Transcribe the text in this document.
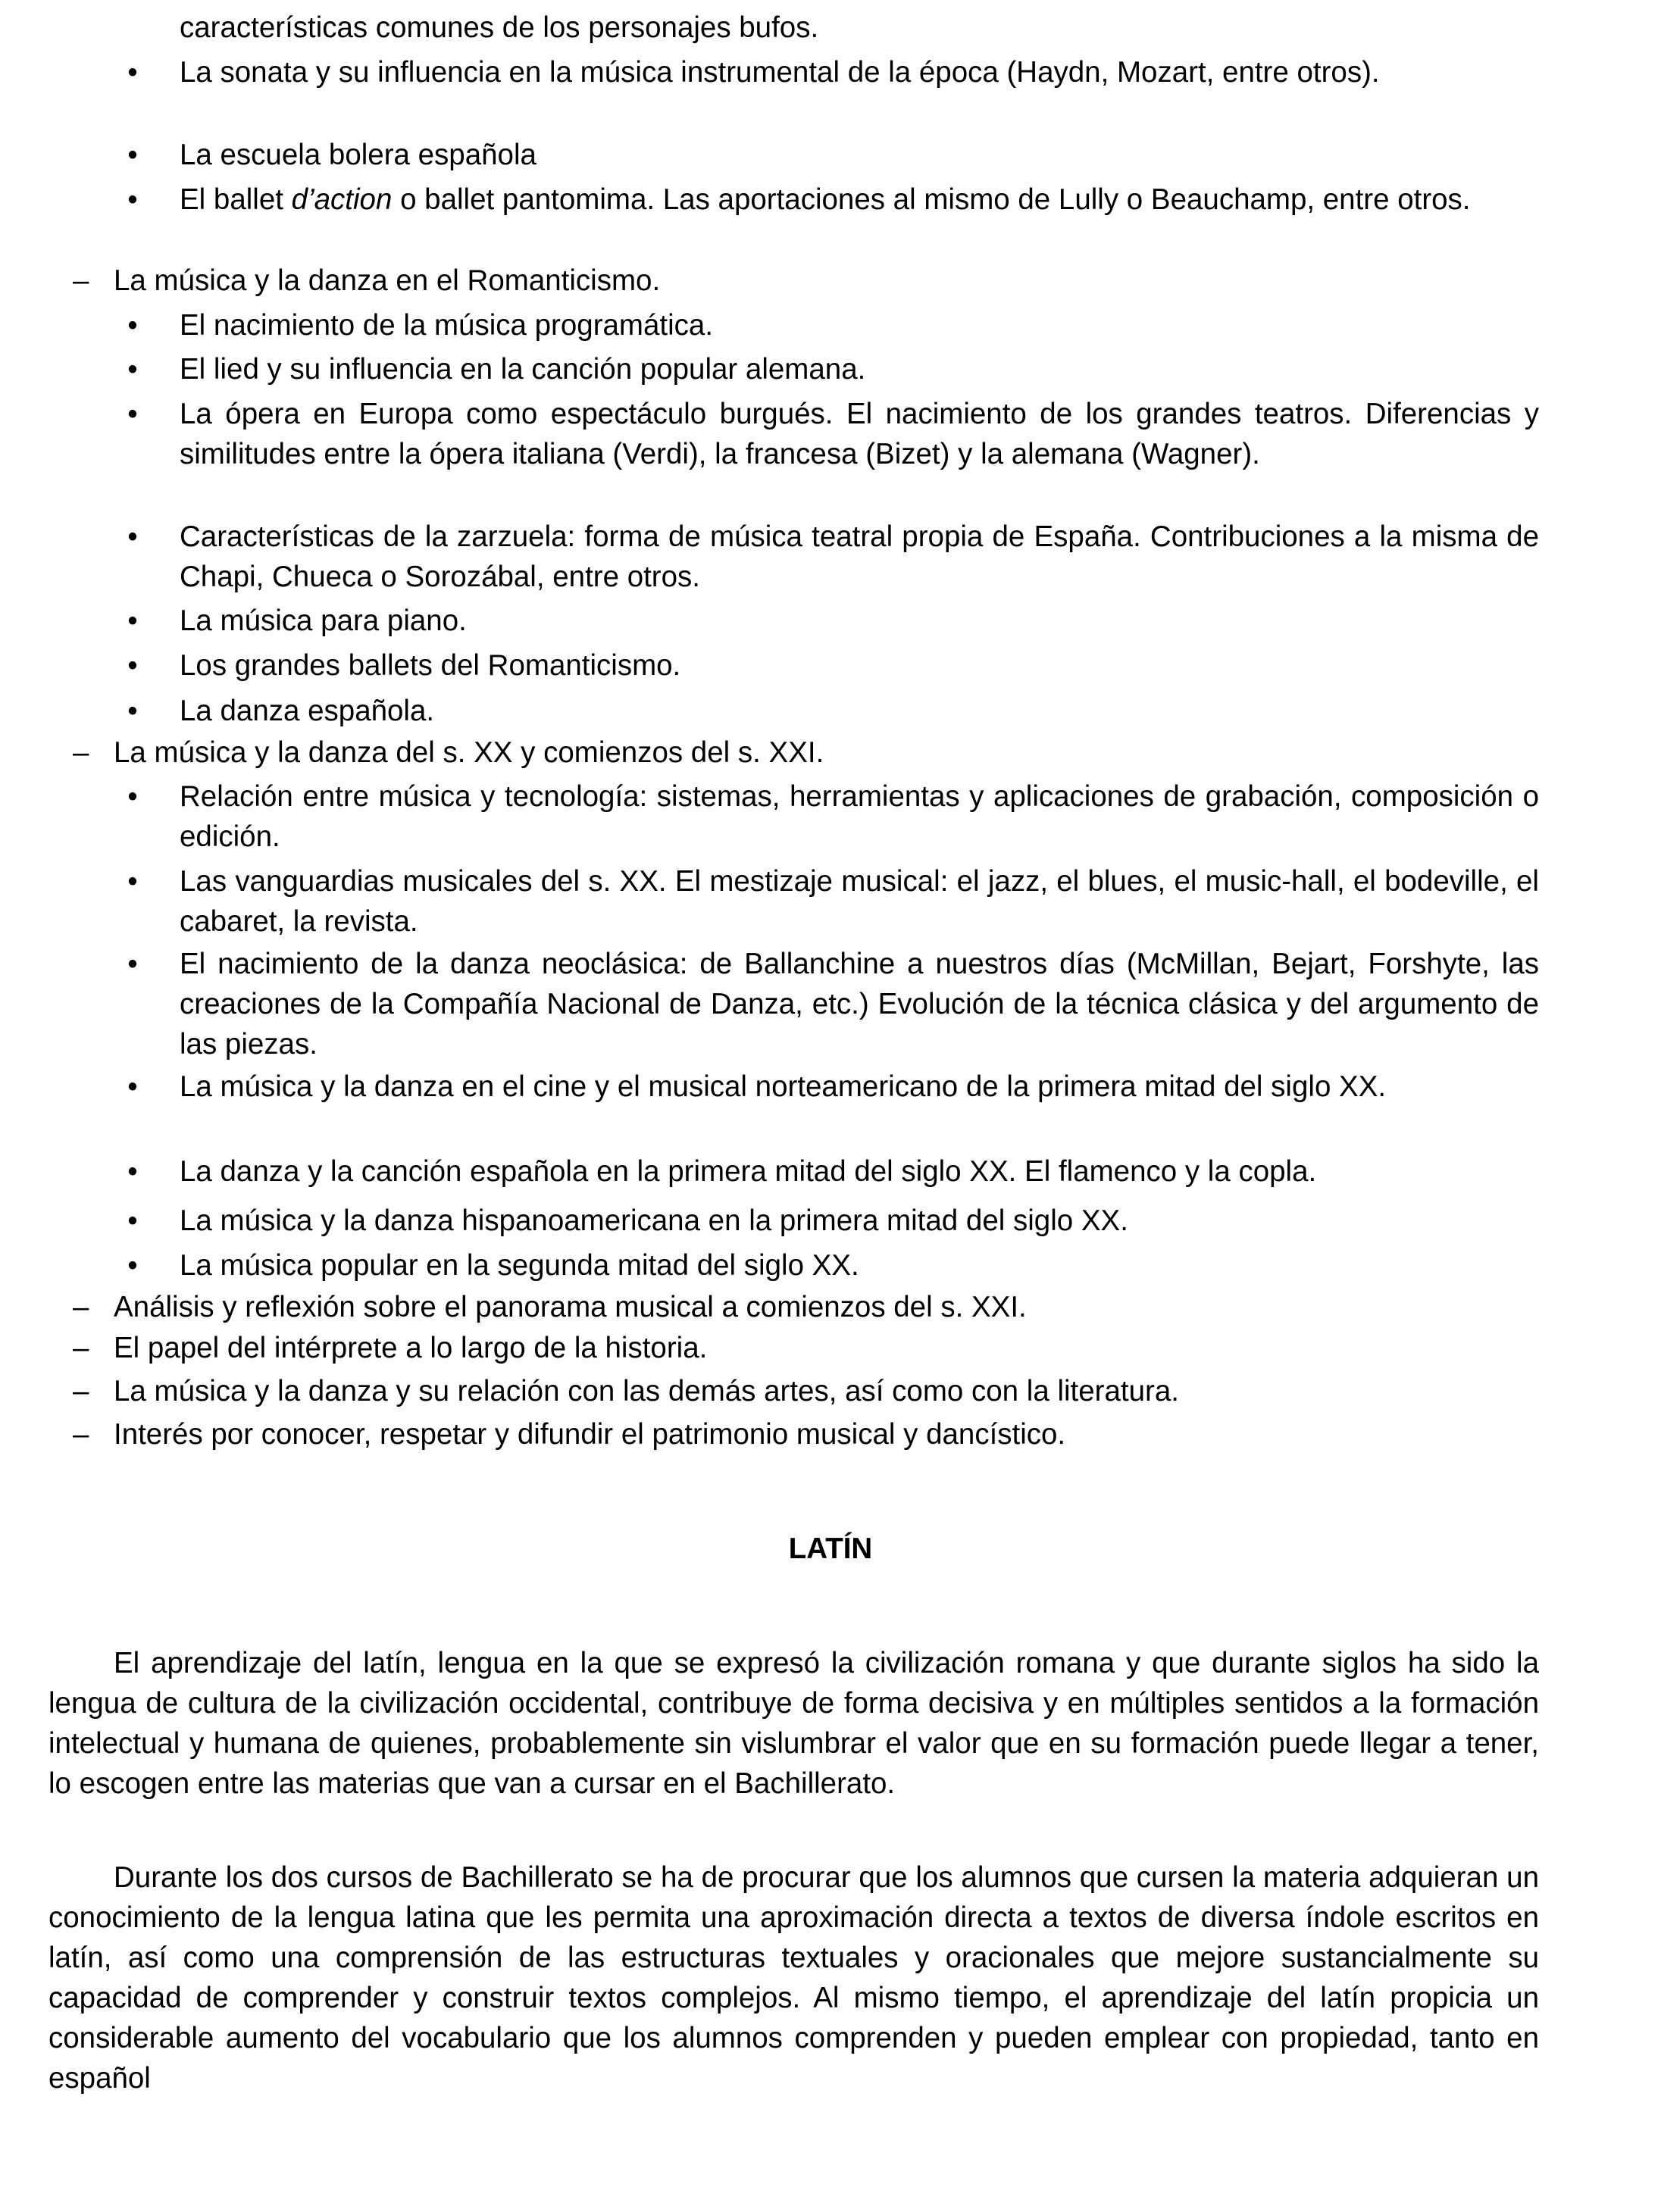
características comunes de los personajes bufos.
•	La sonata y su influencia en la música instrumental de la época (Haydn, Mozart, entre otros).
•	La escuela bolera española
•	El ballet d’action o ballet pantomima. Las aportaciones al mismo de Lully o Beauchamp, entre otros.
– La música y la danza en el Romanticismo.
•	El nacimiento de la música programática.
•	El lied y su influencia en la canción popular alemana.
•	La ópera en Europa como espectáculo burgués. El nacimiento de los grandes teatros. Diferencias y similitudes entre la ópera italiana (Verdi), la francesa (Bizet) y la alemana (Wagner).
•	Características de la zarzuela: forma de música teatral propia de España. Contribuciones a la misma de Chapi, Chueca o Sorozábal, entre otros.
•	La música para piano.
•	Los grandes ballets del Romanticismo.
•	La danza española.
– La música y la danza del s. XX y comienzos del s. XXI.
•	Relación entre música y tecnología: sistemas, herramientas y aplicaciones de grabación, composición o edición.
•	Las vanguardias musicales del s. XX. El mestizaje musical: el jazz, el blues, el music-hall, el bodeville, el cabaret, la revista.
•	El nacimiento de la danza neoclásica: de Ballanchine a nuestros días (McMillan, Bejart, Forshyte, las creaciones de la Compañía Nacional de Danza, etc.) Evolución de la técnica clásica y del argumento de las piezas.
•	La música y la danza en el cine y el musical norteamericano de la primera mitad del siglo XX.
•	La danza y la canción española en la primera mitad del siglo XX. El flamenco y la copla.
•	La música y la danza hispanoamericana en la primera mitad del siglo XX.
•	La música popular en la segunda mitad del siglo XX.
– Análisis y reflexión sobre el panorama musical a comienzos del s. XXI.
– El papel del intérprete a lo largo de la historia.
– La música y la danza y su relación con las demás artes, así como con la literatura.
– Interés por conocer, respetar y difundir el patrimonio musical y dancístico.
LATÍN
El aprendizaje del latín, lengua en la que se expresó la civilización romana y que durante siglos ha sido la lengua de cultura de la civilización occidental, contribuye de forma decisiva y en múltiples sentidos a la formación intelectual y humana de quienes, probablemente sin vislumbrar el valor que en su formación puede llegar a tener, lo escogen entre las materias que van a cursar en el Bachillerato.
Durante los dos cursos de Bachillerato se ha de procurar que los alumnos que cursen la materia adquieran un conocimiento de la lengua latina que les permita una aproximación directa a textos de diversa índole escritos en latín, así como una comprensión de las estructuras textuales y oracionales que mejore sustancialmente su capacidad de comprender y construir textos complejos. Al mismo tiempo, el aprendizaje del latín propicia un considerable aumento del vocabulario que los alumnos comprenden y pueden emplear con propiedad, tanto en español
